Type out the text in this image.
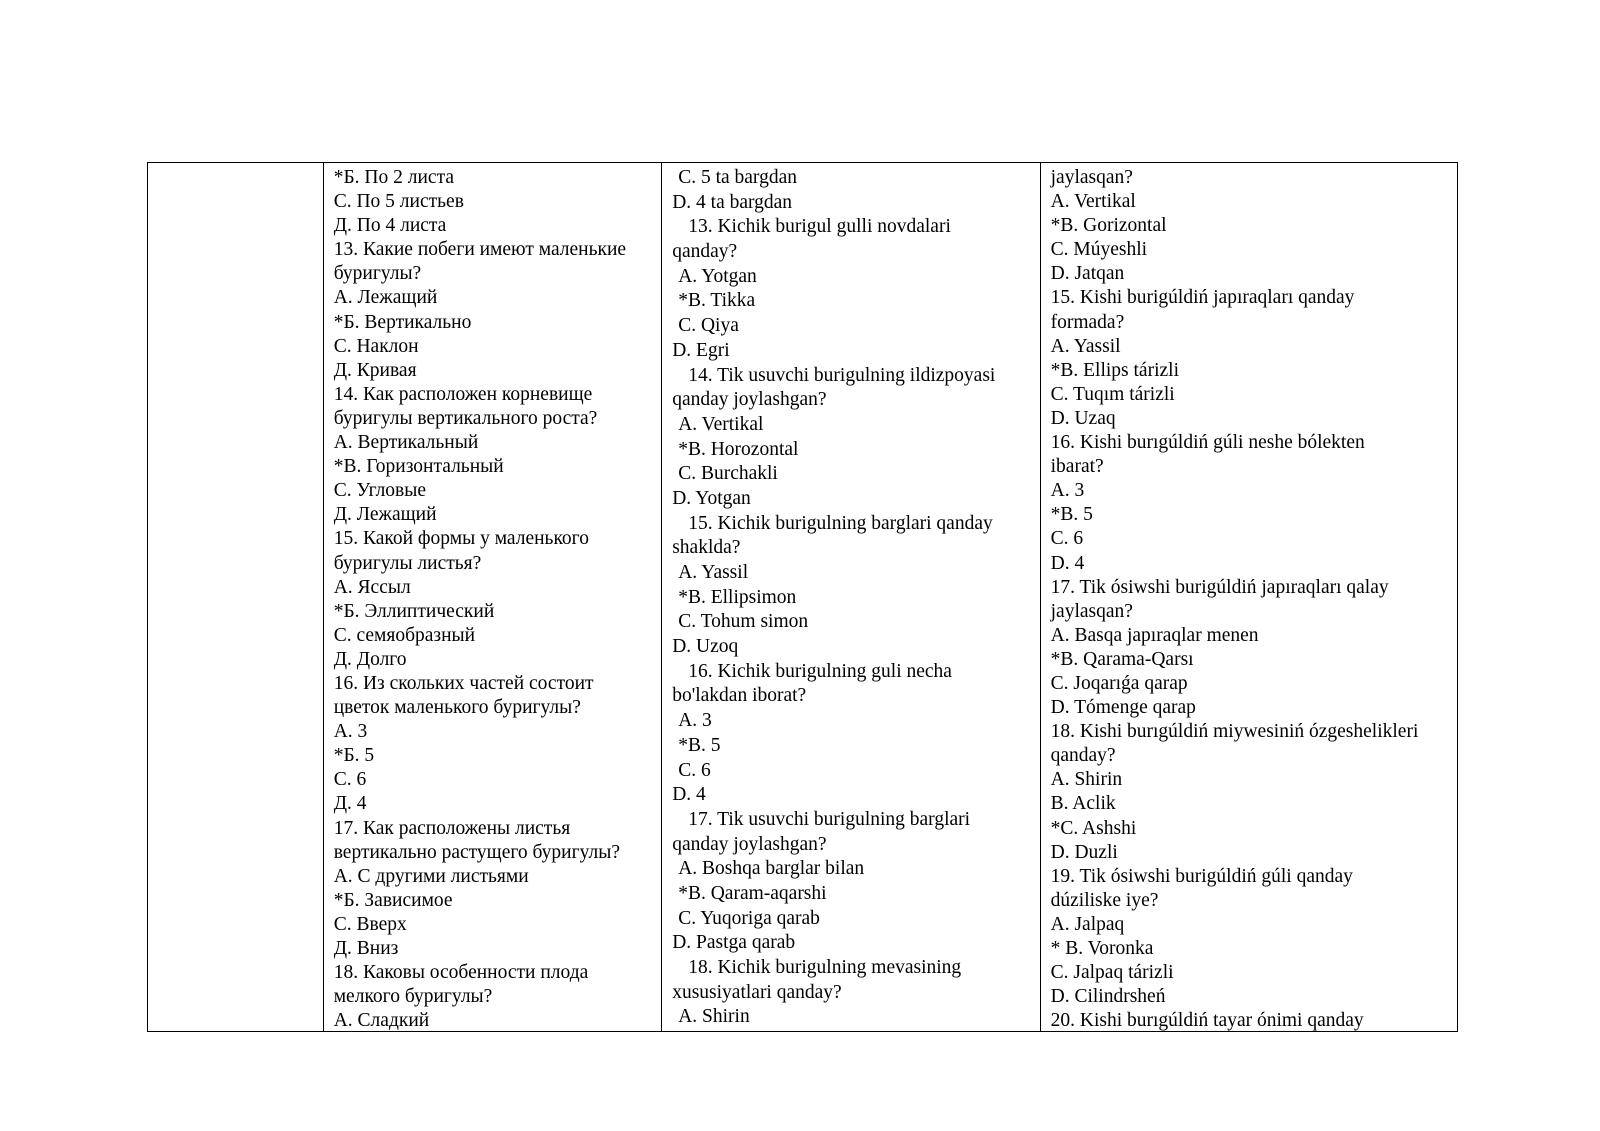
*Б. По 2 листа
С. По 5 листьев
Д. По 4 листа
13. Какие побеги имеют маленькие
буригулы?
А. Лежащий
*Б. Вертикально
С. Наклон
Д. Кривая
14. Как расположен корневище
буригулы вертикального роста?
А. Вертикальный
*В. Горизонтальный
С. Угловые
Д. Лежащий
15. Какой формы у маленького
буригулы листья?
А. Яссыл
*Б. Эллиптический
С. семяобразный
Д. Долго
16. Из скольких частей состоит
цветок маленького буригулы?
А. 3
*Б. 5
С. 6
Д. 4
17. Как расположены листья
вертикально растущего буригулы?
А. С другими листьями
*Б. Зависимое
С. Вверх
Д. Вниз
18. Каковы особенности плода
мелкого буригулы?
А. Сладкий
C. 5 ta bargdan
D. 4 ta bargdan
13. Kichik burigul gulli novdalari
qanday?
A. Yotgan
*B. Tikka
C. Qiya
D. Egri
14. Tik usuvchi burigulning ildizpoyasi
qanday joylashgan?
A. Vertikal
*B. Horozontal
C. Burchakli
D. Yotgan
15. Kichik burigulning barglari qanday
shaklda?
A. Yassil
*B. Ellipsimon
C. Tohum simon
D. Uzoq
16. Kichik burigulning guli necha
bo'lakdan iborat?
A. 3
*B. 5
C. 6
D. 4
17. Tik usuvchi burigulning barglari
qanday joylashgan?
A. Boshqa barglar bilan
*B. Qaram-aqarshi
C. Yuqoriga qarab
D. Pastga qarab
18. Kichik burigulning mevasining
xususiyatlari qanday?
A. Shirin
jaylasqan?
A. Vertikal
*B. Gorizontal
C. Múyeshli
D. Jatqan
15. Kishi burigúldiń japıraqları qanday
formada?
A. Yassil
*B. Ellips tárizli
C. Tuqım tárizli
D. Uzaq
16. Kishi burıgúldiń gúli neshe bólekten
ibarat?
A. 3
*B. 5
C. 6
D. 4
17. Tik ósiwshi burigúldiń japıraqları qalay
jaylasqan?
A. Basqa japıraqlar menen
*B. Qarama-Qarsı
C. Joqarıǵa qarap
D. Tómenge qarap
18. Kishi burıgúldiń miywesiniń ózgeshelikleri
qanday?
A. Shirin
B. Aclik
*C. Ashshi
D. Duzli
19. Tik ósiwshi burigúldiń gúli qanday
dúziliske iye?
A. Jalpaq
* B. Voronka
C. Jalpaq tárizli
D. Cilindrsheń
20. Kishi burıgúldiń tayar ónimi qanday
